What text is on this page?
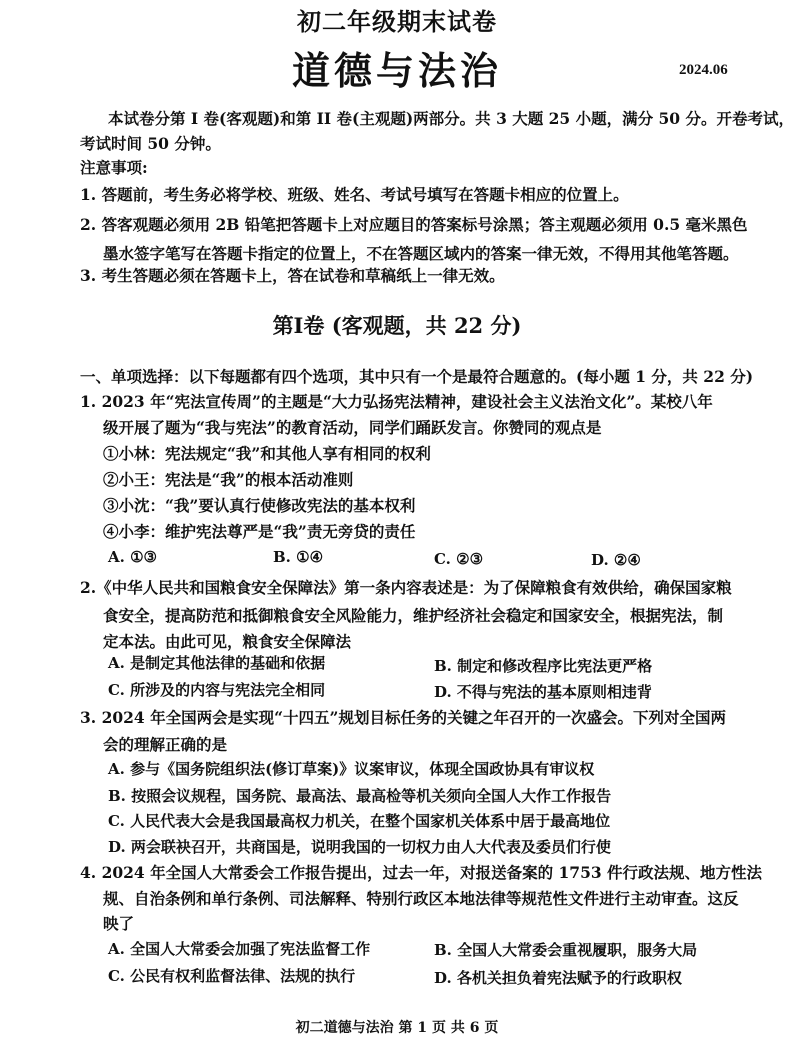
初二年级期末试卷
道德与法治	2024.06
本试卷分第 I 卷(客观题)和第 II 卷(主观题)两部分。共 3 大题 25 小题，满分 50 分。开卷考试，
考试时间 50 分钟。
注意事项:
1. 答题前，考生务必将学校、班级、姓名、考试号填写在答题卡相应的位置上。
2. 答客观题必须用 2B 铅笔把答题卡上对应题目的答案标号涂黑；答主观题必须用 0.5 毫米黑色
墨水签字笔写在答题卡指定的位置上，不在答题区域内的答案一律无效，不得用其他笔答题。
3. 考生答题必须在答题卡上，答在试卷和草稿纸上一律无效。
第I卷 (客观题，共 22 分)
一、单项选择：以下每题都有四个选项，其中只有一个是最符合题意的。(每小题 1 分，共 22 分)
1. 2023 年“宪法宣传周”的主题是“大力弘扬宪法精神，建设社会主义法治文化”。某校八年
级开展了题为“我与宪法”的教育活动，同学们踊跃发言。你赞同的观点是
①小林：宪法规定“我”和其他人享有相同的权利
②小王：宪法是“我”的根本活动准则
③小沈：“我”要认真行使修改宪法的基本权利
④小李：维护宪法尊严是“我”责无旁贷的责任
A. ①③	B. ①④	C. ②③	D. ②④
2.《中华人民共和国粮食安全保障法》第一条内容表述是：为了保障粮食有效供给，确保国家粮
食安全，提高防范和抵御粮食安全风险能力，维护经济社会稳定和国家安全，根据宪法，制
定本法。由此可见，粮食安全保障法
A. 是制定其他法律的基础和依据	B. 制定和修改程序比宪法更严格
C. 所涉及的内容与宪法完全相同	D. 不得与宪法的基本原则相违背
3. 2024 年全国两会是实现“十四五”规划目标任务的关键之年召开的一次盛会。下列对全国两
会的理解正确的是
A. 参与《国务院组织法(修订草案)》议案审议，体现全国政协具有审议权
B. 按照会议规程，国务院、最高法、最高检等机关须向全国人大作工作报告
C. 人民代表大会是我国最高权力机关，在整个国家机关体系中居于最高地位
D. 两会联袂召开，共商国是，说明我国的一切权力由人大代表及委员们行使
4. 2024 年全国人大常委会工作报告提出，过去一年，对报送备案的 1753 件行政法规、地方性法
规、自治条例和单行条例、司法解释、特别行政区本地法律等规范性文件进行主动审查。这反
映了
A. 全国人大常委会加强了宪法监督工作	B. 全国人大常委会重视履职，服务大局
C. 公民有权利监督法律、法规的执行	D. 各机关担负着宪法赋予的行政职权
初二道德与法治 第 1 页 共 6 页
